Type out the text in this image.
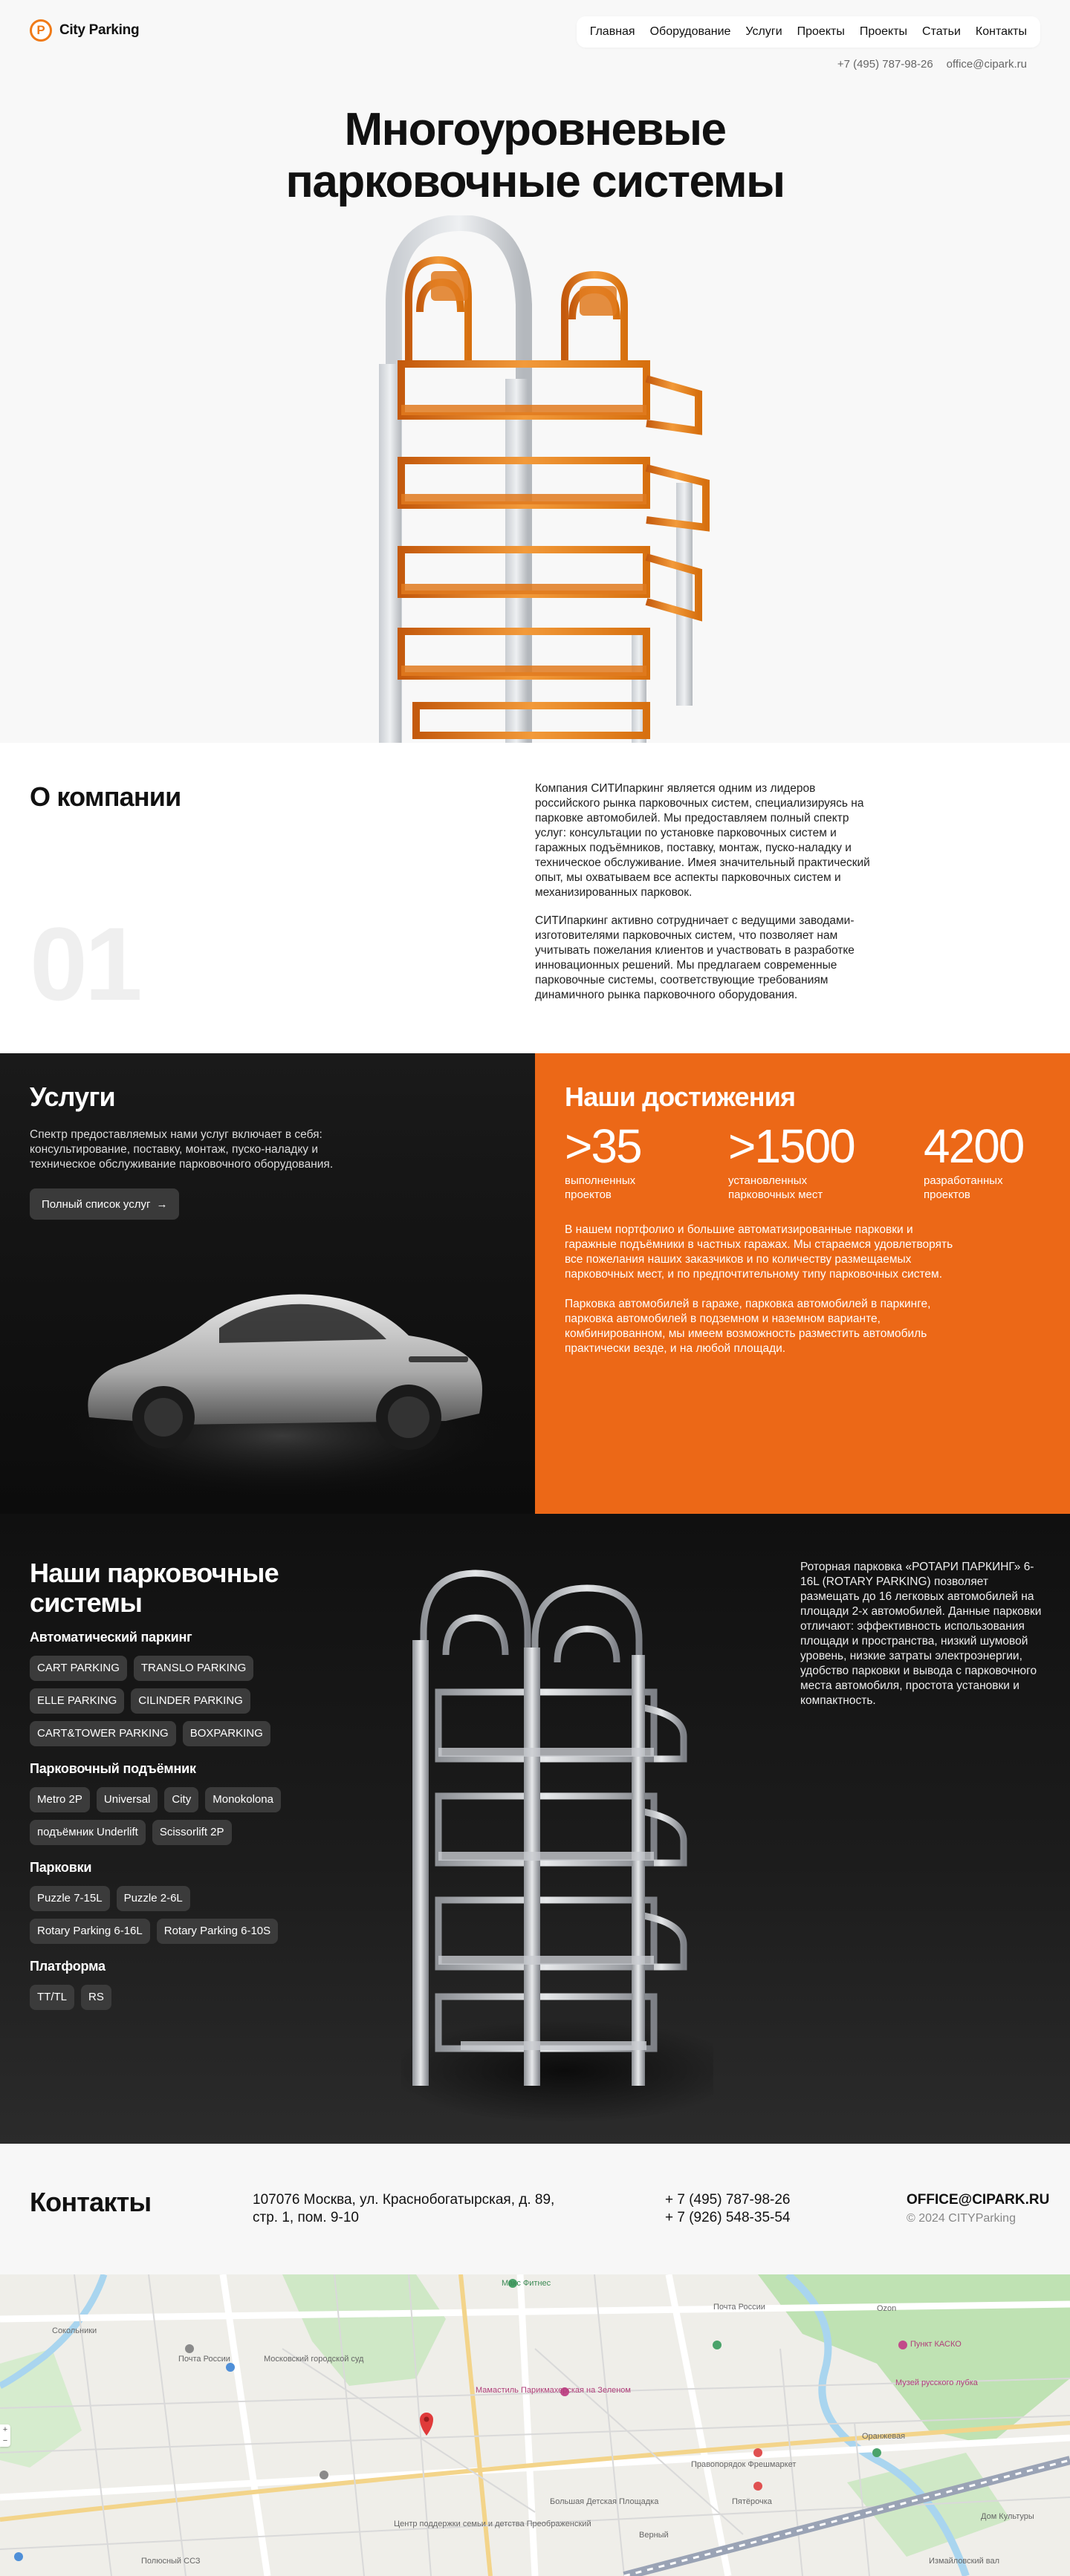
P	City Parking	Главная Оборудование Услуги Проекты Проекты Статьи Контакты
+7 (495) 787-98-26 office@cipark.ru
Многоуровневые
парковочные системы
О компании
01

Компания СИТИпаркинг является одним из лидеров российского рынка парковочных систем, специализируясь на парковке автомобилей. Мы предоставляем полный спектр услуг: консультации по установке парковочных систем и гаражных подъёмников, поставку, монтаж, пуско-наладку и техническое обслуживание. Имея значительный практический опыт, мы охватываем все аспекты парковочных систем и механизированных парковок.

СИТИпаркинг активно сотрудничает с ведущими заводами-изготовителями парковочных систем, что позволяет нам учитывать пожелания клиентов и участвовать в разработке инновационных решений. Мы предлагаем современные парковочные системы, соответствующие требованиям динамичного рынка парковочного оборудования.

Услуги
Спектр предоставляемых нами услуг включает в себя: консультирование, поставку, монтаж, пуско-наладку и техническое обслуживание парковочного оборудования.
Полный список услуг →
Наши достижения
>35
выполненных проектов
>1500
установленных парковочных мест
4200
разработанных проектов

В нашем портфолио и большие автоматизированные парковки и гаражные подъёмники в частных гаражах. Мы стараемся удовлетворять все пожелания наших заказчиков и по количеству размещаемых парковочных мест, и по предпочтительному типу парковочных систем.

Парковка автомобилей в гараже, парковка автомобилей в паркинге, парковка автомобилей в подземном и наземном варианте, комбинированном, мы имеем возможность разместить автомобиль практически везде, и на любой площади.

Наши парковочные системы
Автоматический паркинг
CART PARKING	TRANSLO PARKING
ELLE PARKING	CILINDER PARKING
CART&TOWER PARKING	BOXPARKING
Парковочный подъёмник
Metro 2P	Universal	City	Monokolona
подъёмник Underlift	Scissorlift 2P
Парковки
Puzzle 7-15L	Puzzle 2-6L
Rotary Parking 6-16L	Rotary Parking 6-10S
Платформа
TT/TL	RS
Роторная парковка «РОТАРИ ПАРКИНГ» 6-16L (ROTARY PARKING) позволяет размещать до 16 легковых автомобилей на площади 2-х автомобилей. Данные парковки отличают: эффективность использования площади и пространства, низкий шумовой уровень, низкие затраты электроэнергии, удобство парковки и вывода с парковочного места автомобиля, простота установки и компактность.
Контакты	107076 Москва, ул. Краснобогатырская, д. 89, стр. 1, пом. 9-10
+ 7 (495) 787-98-26
+ 7 (926) 548-35-54
OFFICE@CIPARK.RU
© 2024 CITYParking
Макс Фитнес
Сокольники
Почта России	Московский городской суд
Мамастиль Парикмахерская на Зеленом
Почта России
Правопорядок Фрешмаркет
Большая Детская Площадка
Центр поддержки семьи и детства Преображенский
Пятёрочка
Верный
Ozon
Пункт КАСКО
Дом Культуры
Измайловский вал
Полюсный ССЗ
Музей русского лубка
Оранжевая
+
−
